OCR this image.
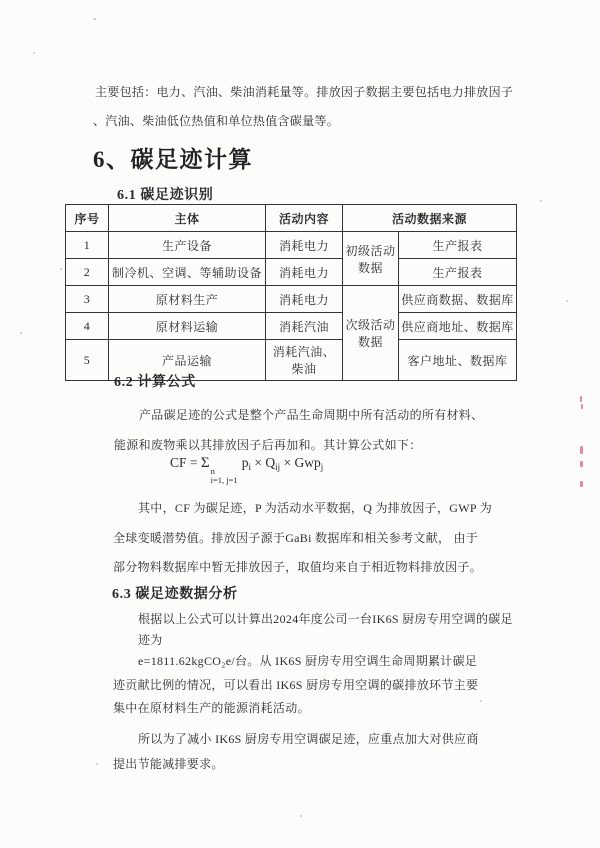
主要包括：电力、汽油、柴油消耗量等。排放因子数据主要包括电力排放因子
、汽油、柴油低位热值和单位热值含碳量等。
6、碳足迹计算
6.1 碳足迹识别
序号	主体	活动内容	活动数据来源	
1	生产设备	消耗电力	初级活动数据	生产报表
2	制冷机、空调、等辅助设备	消耗电力		生产报表
3	原材料生产	消耗电力	次级活动数据	供应商数据、数据库
4	原材料运输	消耗汽油		供应商地址、数据库
5	产品运输	消耗汽油、柴油		客户地址、数据库
6.2 计算公式
产品碳足迹的公式是整个产品生命周期中所有活动的所有材料、
能源和废物乘以其排放因子后再加和。其计算公式如下：
CF = Σ n
i=1, j=1
$p_i \times Q_{ij} \times Gwp_j$
其中，CF 为碳足迹，P 为活动水平数据，Q 为排放因子，GWP 为
全球变暖潜势值。排放因子源于GaBi 数据库和相关参考文献， 由于
部分物料数据库中暂无排放因子，取值均来自于相近物料排放因子。
6.3 碳足迹数据分析
根据以上公式可以计算出2024年度公司一台IK6S 厨房专用空调的碳足
迹为
e=1811.62kgCO₂e/台。从 IK6S 厨房专用空调生命周期累计碳足
迹贡献比例的情况，可以看出 IK6S 厨房专用空调的碳排放环节主要
集中在原材料生产的能源消耗活动。
所以为了减小 IK6S 厨房专用空调碳足迹，应重点加大对供应商
提出节能减排要求。
